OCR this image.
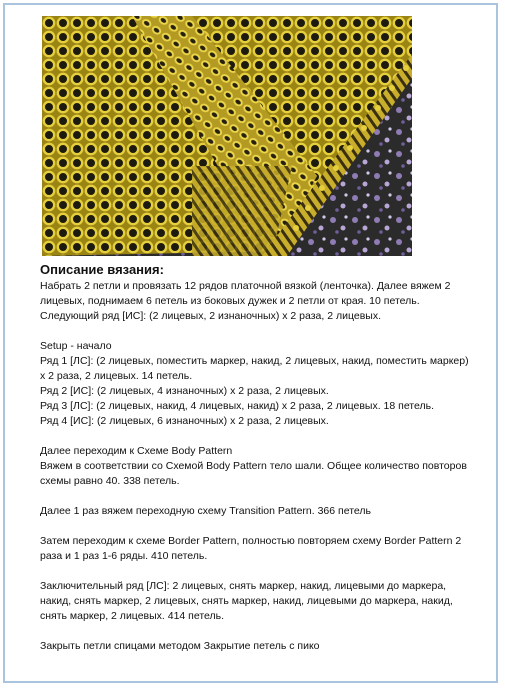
Описание вязания:

Набрать 2 петли и провязать 12 рядов платочной вязкой (ленточка). Далее вяжем 2

лицевых, поднимаем 6 петель из боковых дужек и 2 петли от края. 10 петель.

Следующий ряд [ИС]: (2 лицевых, 2 изнаночных) х 2 раза, 2 лицевых.

Setup - начало

Ряд 1 [ЛС]: (2 лицевых, поместить маркер, накид, 2 лицевых, накид, поместить маркер)

х 2 раза, 2 лицевых. 14 петель.

Ряд 2 [ИС]: (2 лицевых, 4 изнаночных) х 2 раза, 2 лицевых.

Ряд 3 [ЛС]: (2 лицевых, накид, 4 лицевых, накид) х 2 раза, 2 лицевых. 18 петель.

Ряд 4 [ИС]: (2 лицевых, 6 изнаночных) х 2 раза, 2 лицевых.

Далее переходим к Схеме Body Pattern

Вяжем в соответствии со Схемой Body Pattern тело шали. Общее количество повторов

схемы равно 40. 338 петель.

Далее 1 раз вяжем переходную схему Transition Pattern. 366 петель

Затем переходим к схеме Border Pattern, полностью повторяем схему Border Pattern 2

раза и 1 раз 1-6 ряды. 410 петель.

Заключительный ряд [ЛС]: 2 лицевых, снять маркер, накид, лицевыми до маркера,

накид, снять маркер, 2 лицевых, снять маркер, накид, лицевыми до маркера, накид,

снять маркер, 2 лицевых. 414 петель.

Закрыть петли спицами методом Закрытие петель с пико
